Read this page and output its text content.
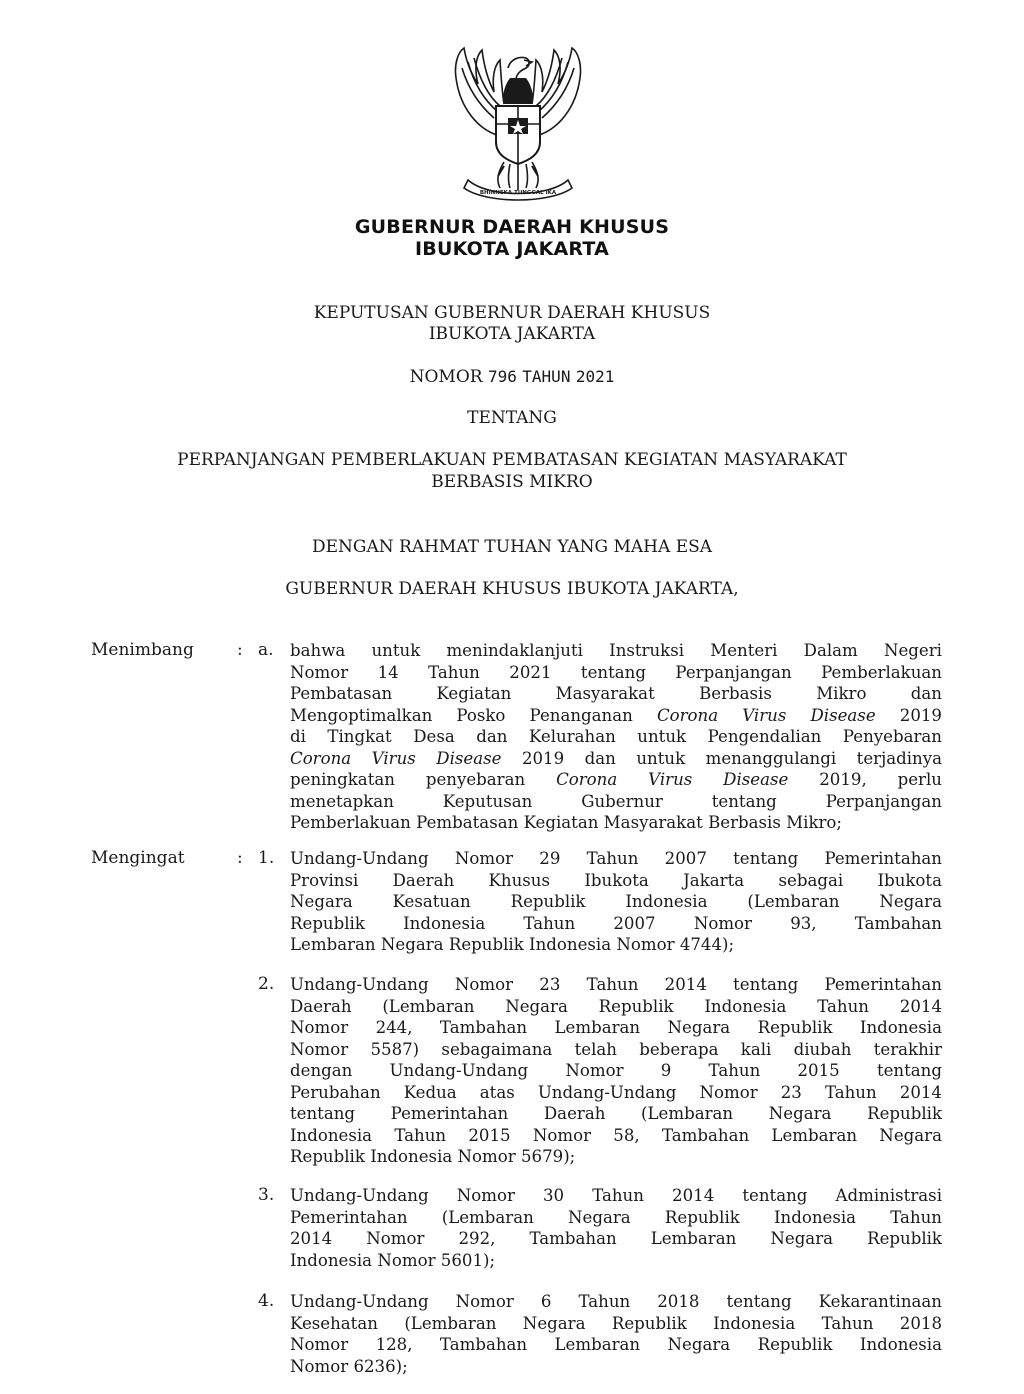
BHINNEKA TUNGGAL IKA
GUBERNUR DAERAH KHUSUS
IBUKOTA JAKARTA
KEPUTUSAN GUBERNUR DAERAH KHUSUS
IBUKOTA JAKARTA
NOMOR 796 TAHUN 2021
TENTANG
PERPANJANGAN PEMBERLAKUAN PEMBATASAN KEGIATAN MASYARAKAT
BERBASIS MIKRO
DENGAN RAHMAT TUHAN YANG MAHA ESA
GUBERNUR DAERAH KHUSUS IBUKOTA JAKARTA,
Menimbang	: a. bahwa untuk menindaklanjuti Instruksi Menteri Dalam Negeri
Nomor 14 Tahun 2021 tentang Perpanjangan Pemberlakuan
Pembatasan Kegiatan Masyarakat Berbasis Mikro dan
Mengoptimalkan Posko Penanganan Corona Virus Disease 2019
di Tingkat Desa dan Kelurahan untuk Pengendalian Penyebaran
Corona Virus Disease 2019 dan untuk menanggulangi terjadinya
peningkatan penyebaran Corona Virus Disease 2019, perlu
menetapkan Keputusan Gubernur tentang Perpanjangan
Pemberlakuan Pembatasan Kegiatan Masyarakat Berbasis Mikro;
Mengingat	: 1. Undang-Undang Nomor 29 Tahun 2007 tentang Pemerintahan
Provinsi Daerah Khusus Ibukota Jakarta sebagai Ibukota
Negara Kesatuan Republik Indonesia (Lembaran Negara
Republik Indonesia Tahun 2007 Nomor 93, Tambahan
Lembaran Negara Republik Indonesia Nomor 4744);
2. Undang-Undang Nomor 23 Tahun 2014 tentang Pemerintahan
Daerah (Lembaran Negara Republik Indonesia Tahun 2014
Nomor 244, Tambahan Lembaran Negara Republik Indonesia
Nomor 5587) sebagaimana telah beberapa kali diubah terakhir
dengan Undang-Undang Nomor 9 Tahun 2015 tentang
Perubahan Kedua atas Undang-Undang Nomor 23 Tahun 2014
tentang Pemerintahan Daerah (Lembaran Negara Republik
Indonesia Tahun 2015 Nomor 58, Tambahan Lembaran Negara
Republik Indonesia Nomor 5679);
3. Undang-Undang Nomor 30 Tahun 2014 tentang Administrasi
Pemerintahan (Lembaran Negara Republik Indonesia Tahun
2014 Nomor 292, Tambahan Lembaran Negara Republik
Indonesia Nomor 5601);
4. Undang-Undang Nomor 6 Tahun 2018 tentang Kekarantinaan
Kesehatan (Lembaran Negara Republik Indonesia Tahun 2018
Nomor 128, Tambahan Lembaran Negara Republik Indonesia
Nomor 6236);
